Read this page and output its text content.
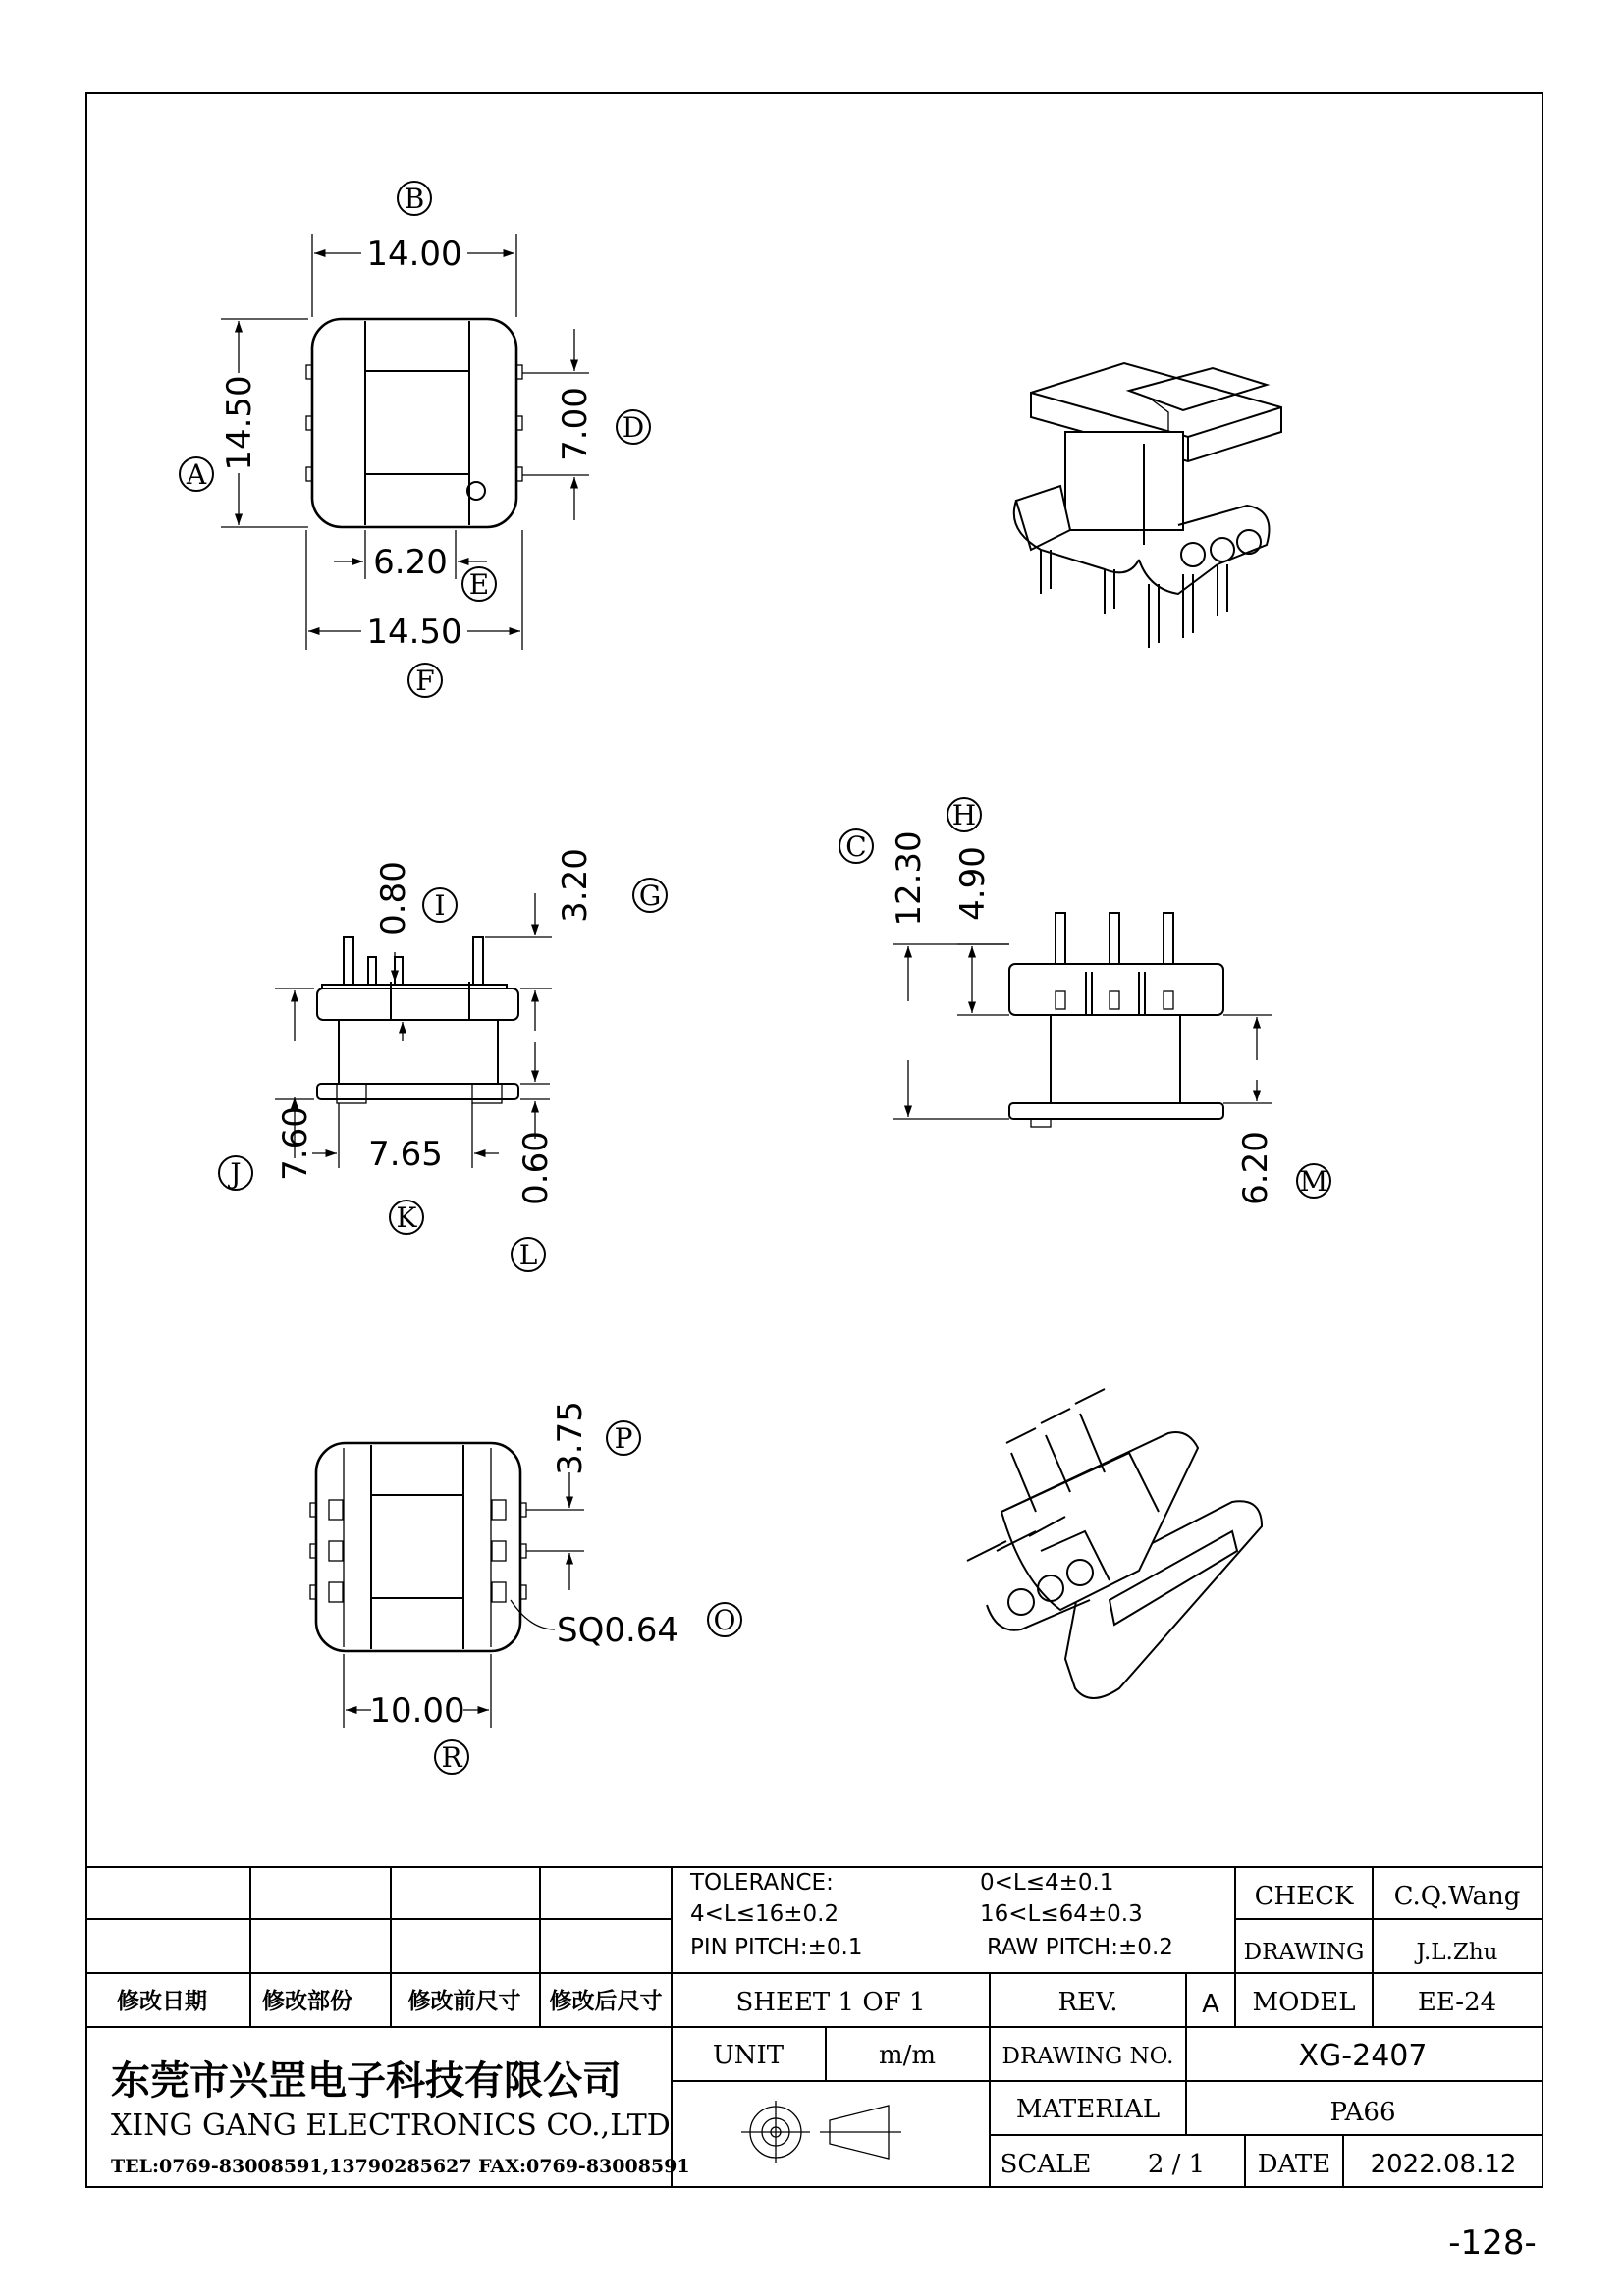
14.00
14.50	7.00
6.20
14.50
3.20
0.80
7.60 7.65 0.60
12.30 4.90
6.20
3.75
SQ0.64
10.00
B
A
D
E
F
C
H
G
I
J
K
L
M
P
O
R
修改日期 修改部份 修改前尺寸 修改后尺寸
TOLERANCE:	0<L≤4±0.1
4<L≤16±0.2	16<L≤64±0.3
PIN PITCH:±0.1	RAW PITCH:±0.2
CHECK C.Q.Wang
DRAWING J.L.Zhu
SHEET 1 OF 1	REV.	A MODEL EE-24
东莞市兴罡电子科技有限公司
XING GANG ELECTRONICS CO.,LTD
TEL:0769-83008591,13790285627 FAX:0769-83008591
UNIT	m/m	DRAWING NO.	XG-2407
MATERIAL	PA66
SCALE 2 / 1 DATE 2022.08.12
-128-
